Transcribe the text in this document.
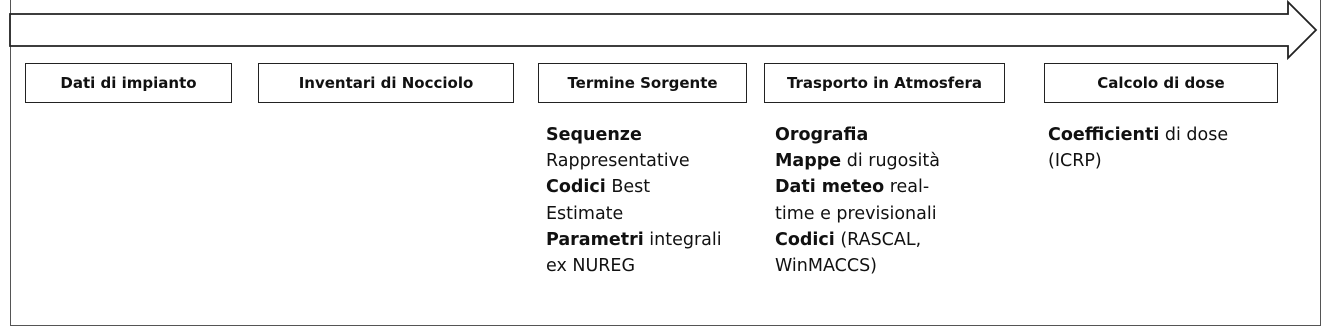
Dati di impianto	Inventari di Nocciolo	Termine Sorgente	Trasporto in Atmosfera	Calcolo di dose
Sequenze
Rappresentative
Codici Best
Estimate
Parametri integrali
ex NUREG
Orografia
Mappe di rugosità
Dati meteo real-
time e previsionali
Codici (RASCAL,
WinMACCS)
Coefficienti di dose
(ICRP)
